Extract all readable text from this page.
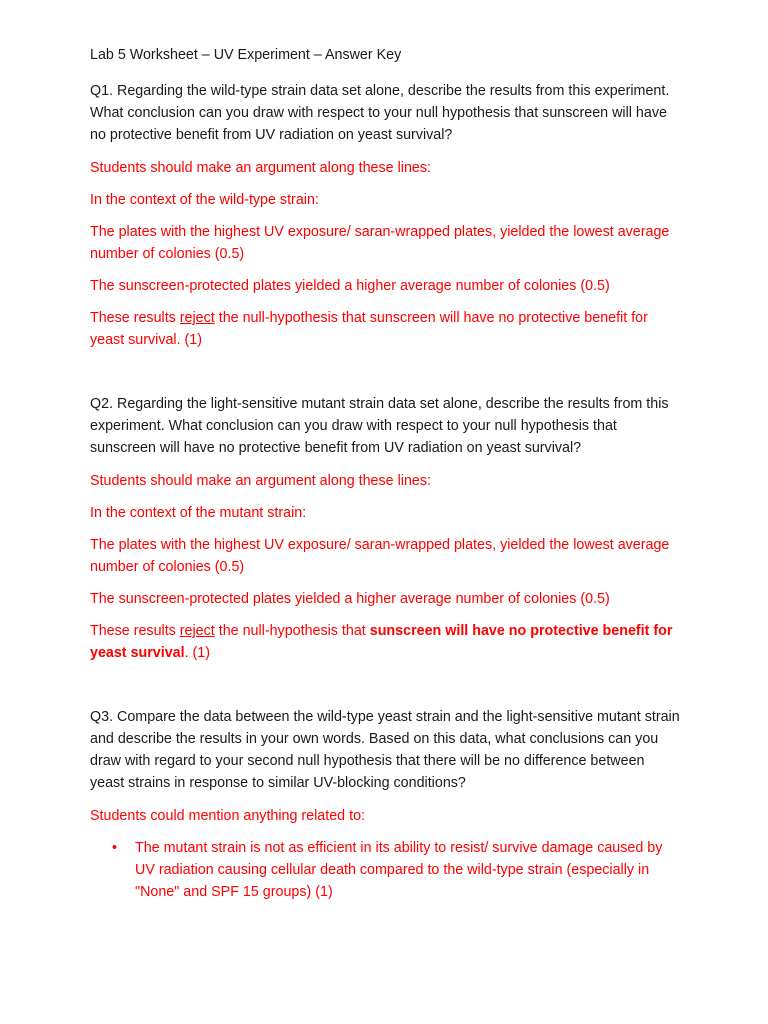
Lab 5 Worksheet – UV Experiment – Answer Key

Q1. Regarding the wild-type strain data set alone, describe the results from this experiment. What conclusion can you draw with respect to your null hypothesis that sunscreen will have no protective benefit from UV radiation on yeast survival?

Students should make an argument along these lines:

In the context of the wild-type strain:

The plates with the highest UV exposure/ saran-wrapped plates, yielded the lowest average number of colonies (0.5)

The sunscreen-protected plates yielded a higher average number of colonies (0.5)

These results reject the null-hypothesis that sunscreen will have no protective benefit for yeast survival. (1)

Q2. Regarding the light-sensitive mutant strain data set alone, describe the results from this experiment. What conclusion can you draw with respect to your null hypothesis that sunscreen will have no protective benefit from UV radiation on yeast survival?

Students should make an argument along these lines:

In the context of the mutant strain:

The plates with the highest UV exposure/ saran-wrapped plates, yielded the lowest average number of colonies (0.5)

The sunscreen-protected plates yielded a higher average number of colonies (0.5)

These results reject the null-hypothesis that sunscreen will have no protective benefit for yeast survival. (1)

Q3. Compare the data between the wild-type yeast strain and the light-sensitive mutant strain and describe the results in your own words. Based on this data, what conclusions can you draw with regard to your second null hypothesis that there will be no difference between yeast strains in response to similar UV-blocking conditions?

Students could mention anything related to:

• The mutant strain is not as efficient in its ability to resist/ survive damage caused by UV radiation causing cellular death compared to the wild-type strain (especially in "None" and SPF 15 groups) (1)
